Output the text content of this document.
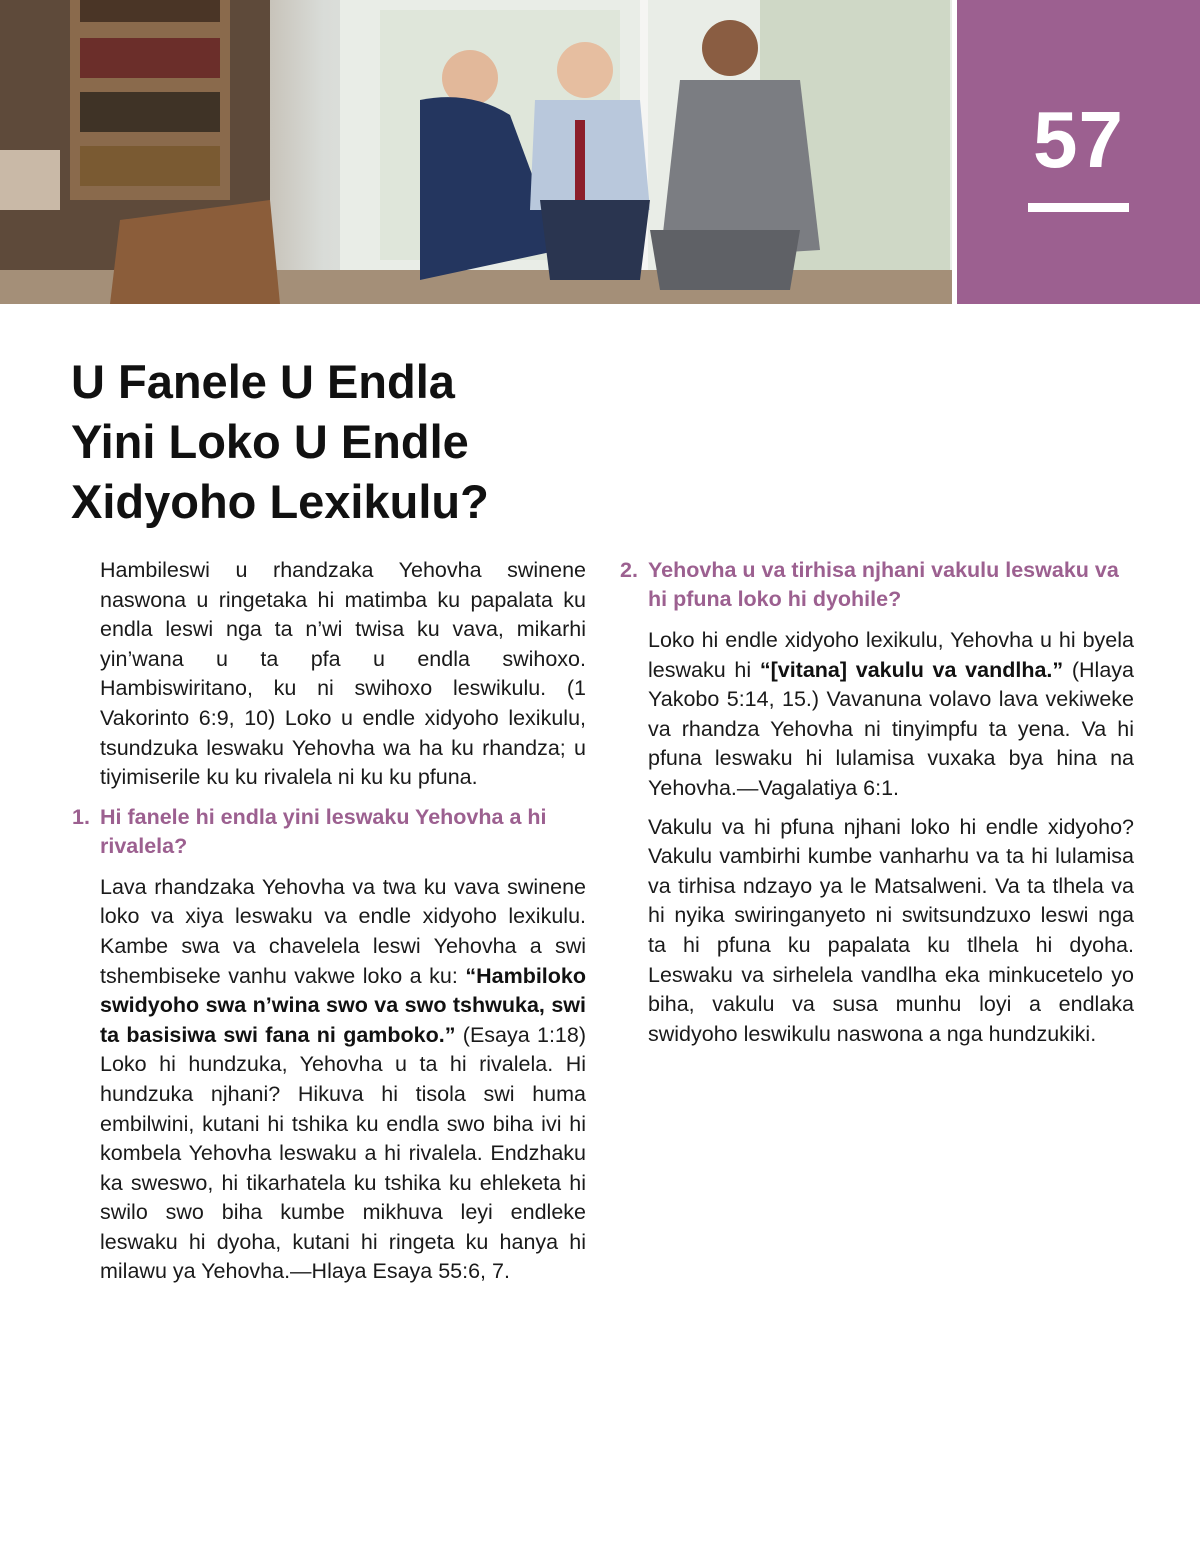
57
U Fanele U Endla
Yini Loko U Endle
Xidyoho Lexikulu?

Hambileswi u rhandzaka Yehovha swinene naswona u ringetaka hi matimba ku papalata ku endla leswi nga ta n’wi twisa ku vava, mikarhi yin’wana u ta pfa u endla swihoxo. Hambiswiritano, ku ni swihoxo leswikulu. (1 Vakorinto 6:9, 10) Loko u endle xidyoho lexikulu, tsundzuka leswaku Yehovha wa ha ku rhandza; u tiyimiserile ku ku rivalela ni ku ku pfuna.

1. Hi fanele hi endla yini leswaku Yehovha a hi rivalela?

Lava rhandzaka Yehovha va twa ku vava swinene loko va xiya leswaku va endle xidyoho lexikulu. Kambe swa va chavelela leswi Yehovha a swi tshembiseke vanhu vakwe loko a ku: “Hambiloko swidyoho swa n’wina swo va swo tshwuka, swi ta basisiwa swi fana ni gamboko.” (Esaya 1:18) Loko hi hundzuka, Yehovha u ta hi rivalela. Hi hundzuka njhani? Hikuva hi tisola swi huma embilwini, kutani hi tshika ku endla swo biha ivi hi kombela Yehovha leswaku a hi rivalela. Endzhaku ka sweswo, hi tikarhatela ku tshika ku ehleketa hi swilo swo biha kumbe mikhuva leyi endleke leswaku hi dyoha, kutani hi ringeta ku hanya hi milawu ya Yehovha.—Hlaya Esaya 55:6, 7.

2. Yehovha u va tirhisa njhani vakulu leswaku va hi pfuna loko hi dyohile?

Loko hi endle xidyoho lexikulu, Yehovha u hi byela leswaku hi “[vitana] vakulu va vandlha.” (Hlaya Yakobo 5:14, 15.) Vavanuna volavo lava vekiweke va rhandza Yehovha ni tinyimpfu ta yena. Va hi pfuna leswaku hi lulamisa vuxaka bya hina na Yehovha.—Vagalatiya 6:1.

Vakulu va hi pfuna njhani loko hi endle xidyoho? Vakulu vambirhi kumbe vanharhu va ta hi lulamisa va tirhisa ndzayo ya le Matsalweni. Va ta tlhela va hi nyika swiringanyeto ni switsundzuxo leswi nga ta hi pfuna ku papalata ku tlhela hi dyoha. Leswaku va sirhelela vandlha eka minkucetelo yo biha, vakulu va susa munhu loyi a endlaka swidyoho leswikulu naswona a nga hundzukiki.
